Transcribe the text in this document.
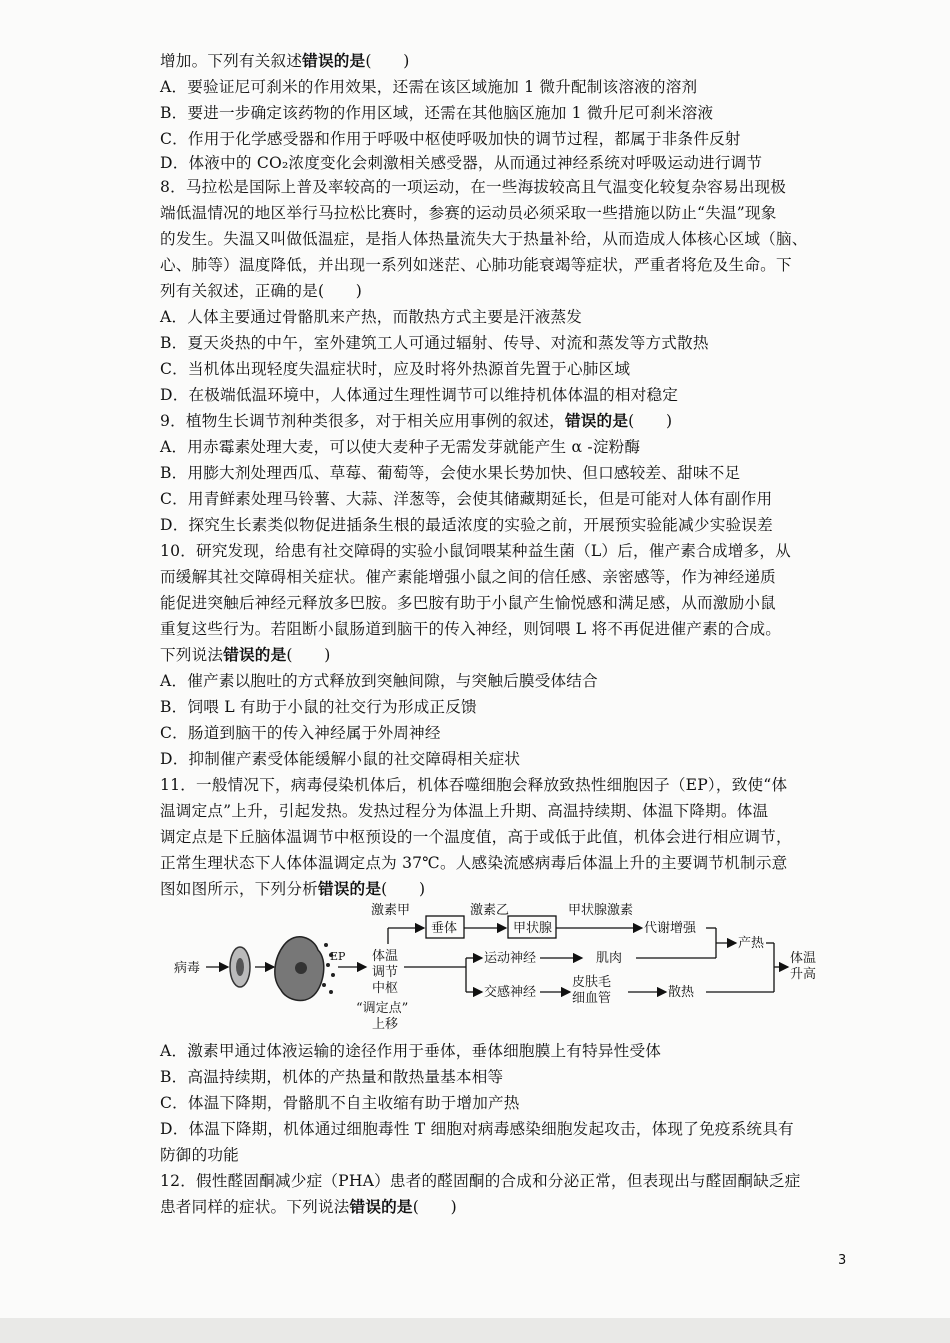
增加。下列有关叙述错误的是(　　)
A．要验证尼可刹米的作用效果，还需在该区域施加 1 微升配制该溶液的溶剂
B．要进一步确定该药物的作用区域，还需在其他脑区施加 1 微升尼可刹米溶液
C．作用于化学感受器和作用于呼吸中枢使呼吸加快的调节过程，都属于非条件反射
D．体液中的 CO₂浓度变化会刺激相关感受器，从而通过神经系统对呼吸运动进行调节
8．马拉松是国际上普及率较高的一项运动，在一些海拔较高且气温变化较复杂容易出现极
端低温情况的地区举行马拉松比赛时，参赛的运动员必须采取一些措施以防止“失温”现象
的发生。失温又叫做低温症，是指人体热量流失大于热量补给，从而造成人体核心区域（脑、
心、肺等）温度降低，并出现一系列如迷茫、心肺功能衰竭等症状，严重者将危及生命。下
列有关叙述，正确的是(　　)
A．人体主要通过骨骼肌来产热，而散热方式主要是汗液蒸发
B．夏天炎热的中午，室外建筑工人可通过辐射、传导、对流和蒸发等方式散热
C．当机体出现轻度失温症状时，应及时将外热源首先置于心肺区域
D．在极端低温环境中，人体通过生理性调节可以维持机体体温的相对稳定
9．植物生长调节剂种类很多，对于相关应用事例的叙述，错误的是(　　)
A．用赤霉素处理大麦，可以使大麦种子无需发芽就能产生 α -淀粉酶
B．用膨大剂处理西瓜、草莓、葡萄等，会使水果长势加快、但口感较差、甜味不足
C．用青鲜素处理马铃薯、大蒜、洋葱等，会使其储藏期延长，但是可能对人体有副作用
D．探究生长素类似物促进插条生根的最适浓度的实验之前，开展预实验能减少实验误差
10．研究发现，给患有社交障碍的实验小鼠饲喂某种益生菌（L）后，催产素合成增多，从
而缓解其社交障碍相关症状。催产素能增强小鼠之间的信任感、亲密感等，作为神经递质
能促进突触后神经元释放多巴胺。多巴胺有助于小鼠产生愉悦感和满足感，从而激励小鼠
重复这些行为。若阻断小鼠肠道到脑干的传入神经，则饲喂 L 将不再促进催产素的合成。
下列说法错误的是(　　)
A．催产素以胞吐的方式释放到突触间隙，与突触后膜受体结合
B．饲喂 L 有助于小鼠的社交行为形成正反馈
C．肠道到脑干的传入神经属于外周神经
D．抑制催产素受体能缓解小鼠的社交障碍相关症状
11．一般情况下，病毒侵染机体后，机体吞噬细胞会释放致热性细胞因子（EP），致使“体
温调定点”上升，引起发热。发热过程分为体温上升期、高温持续期、体温下降期。体温
调定点是下丘脑体温调节中枢预设的一个温度值，高于或低于此值，机体会进行相应调节，
正常生理状态下人体体温调定点为 37℃。人感染流感病毒后体温上升的主要调节机制示意
图如图所示，下列分析错误的是(　　)
A．激素甲通过体液运输的途径作用于垂体，垂体细胞膜上有特异性受体
B．高温持续期，机体的产热量和散热量基本相等
C．体温下降期，骨骼肌不自主收缩有助于增加产热
D．体温下降期，机体通过细胞毒性 T 细胞对病毒感染细胞发起攻击，体现了免疫系统具有
防御的功能
12．假性醛固酮减少症（PHA）患者的醛固酮的合成和分泌正常，但表现出与醛固酮缺乏症
患者同样的症状。下列说法错误的是(　　)
病毒
EP 体温
调节
中枢
“调定点”
上移
激素甲
垂体
激素乙
甲状腺
甲状腺激素
代谢增强
运动神经	肌肉
交感神经
皮肤毛
细血管	散热
产热
体温
升高
3
